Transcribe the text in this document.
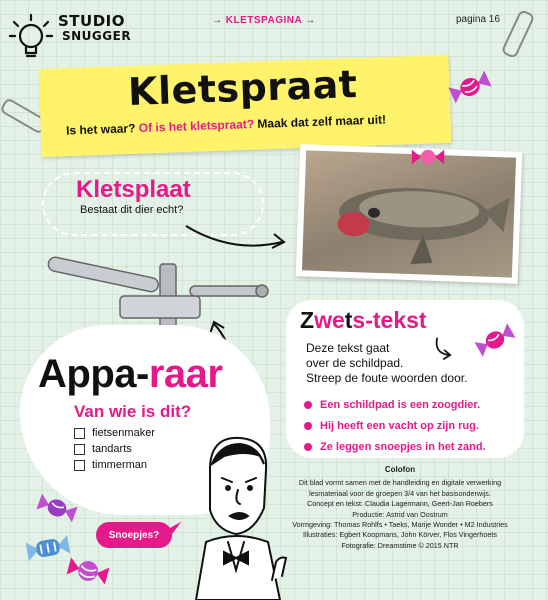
STUDIO
SNUGGER
→ KLETSPAGINA →	pagina 16
Kletspraat
Is het waar? Of is het kletspraat? Maak dat zelf maar uit!
Kletsplaat
Bestaat dit dier echt?
Appa-raar
Van wie is dit?
fietsenmaker
tandarts
timmerman
Zwets-tekst
Deze tekst gaat
over de schildpad.
Streep de foute woorden door.
Een schildpad is een zoogdier.
Hij heeft een vacht op zijn rug.
Ze leggen snoepjes in het zand.
Colofon
Dit blad vormt samen met de handleiding en digitale verwerking
lesmateriaal voor de groepen 3/4 van het basisonderwijs.
Concept en tekst: Claudia Lagermann, Geert-Jan Roebers
Productie: Astrid van Oostrum
Vormgeving: Thomas Rohlfs • Taeks, Marije Wonder • M2 Industries
Illustraties: Egbert Koopmans, John Körver, Flos Vingerhoets
Fotografie: Dreamstime © 2015 NTR
Snoepjes?
